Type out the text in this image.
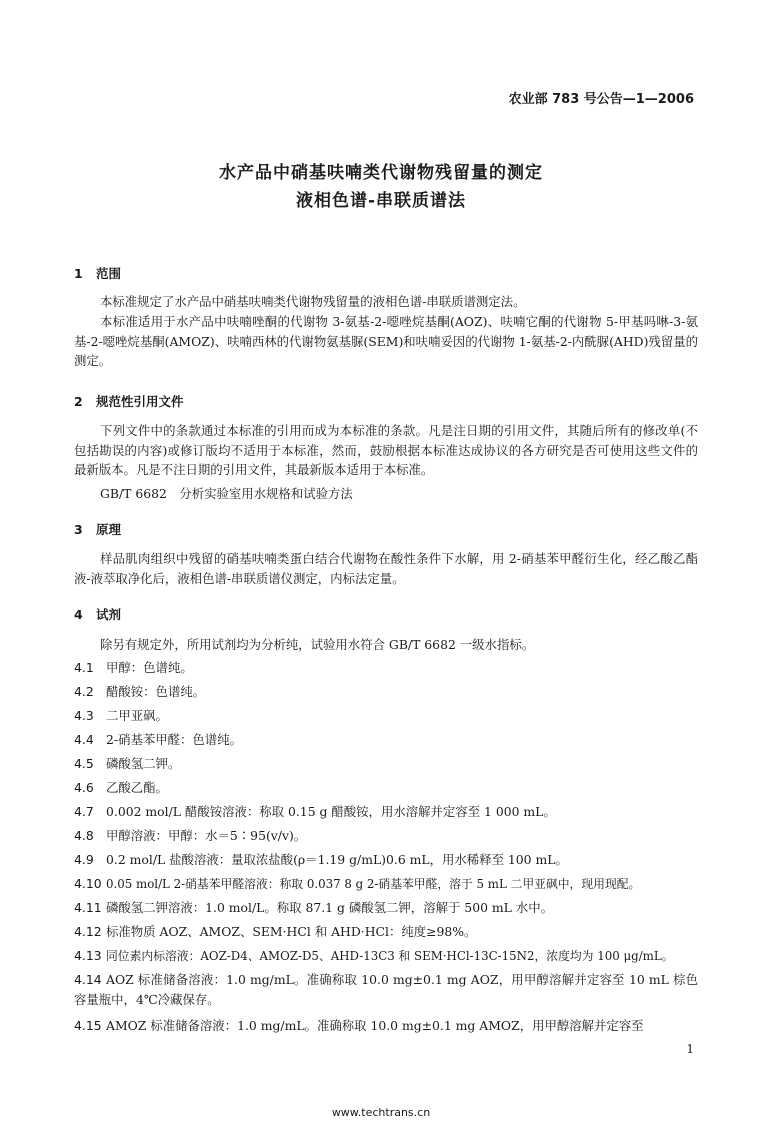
农业部 783 号公告—1—2006
水产品中硝基呋喃类代谢物残留量的测定
液相色谱-串联质谱法
1 范围
本标准规定了水产品中硝基呋喃类代谢物残留量的液相色谱-串联质谱测定法。
本标准适用于水产品中呋喃唑酮的代谢物 3-氨基-2-噁唑烷基酮(AOZ)、呋喃它酮的代谢物 5-甲基吗啉-3-氨基-2-噁唑烷基酮(AMOZ)、呋喃西林的代谢物氨基脲(SEM)和呋喃妥因的代谢物 1-氨基-2-内酰脲(AHD)残留量的测定。
2 规范性引用文件
下列文件中的条款通过本标准的引用而成为本标准的条款。凡是注日期的引用文件，其随后所有的修改单(不包括勘误的内容)或修订版均不适用于本标准，然而，鼓励根据本标准达成协议的各方研究是否可使用这些文件的最新版本。凡是不注日期的引用文件，其最新版本适用于本标准。
GB/T 6682　分析实验室用水规格和试验方法
3 原理
样品肌肉组织中残留的硝基呋喃类蛋白结合代谢物在酸性条件下水解，用 2-硝基苯甲醛衍生化，经乙酸乙酯液-液萃取净化后，液相色谱-串联质谱仪测定，内标法定量。
4 试剂
除另有规定外，所用试剂均为分析纯，试验用水符合 GB/T 6682 一级水指标。
4.1 甲醇：色谱纯。
4.2 醋酸铵：色谱纯。
4.3 二甲亚砜。
4.4 2-硝基苯甲醛：色谱纯。
4.5 磷酸氢二钾。
4.6 乙酸乙酯。
4.7 0.002 mol/L 醋酸铵溶液：称取 0.15 g 醋酸铵，用水溶解并定容至 1 000 mL。
4.8 甲醇溶液：甲醇：水＝5∶95(v/v)。
4.9 0.2 mol/L 盐酸溶液：量取浓盐酸(ρ＝1.19 g/mL)0.6 mL，用水稀释至 100 mL。
4.10 0.05 mol/L 2-硝基苯甲醛溶液：称取 0.037 8 g 2-硝基苯甲醛，溶于 5 mL 二甲亚砜中，现用现配。
4.11 磷酸氢二钾溶液：1.0 mol/L。称取 87.1 g 磷酸氢二钾，溶解于 500 mL 水中。
4.12 标准物质 AOZ、AMOZ、SEM·HCl 和 AHD·HCl：纯度≥98%。
4.13 同位素内标溶液：AOZ-D4、AMOZ-D5、AHD-13C3 和 SEM·HCl-13C-15N2，浓度均为 100 μg/mL。
4.14 AOZ 标准储备溶液：1.0 mg/mL。准确称取 10.0 mg±0.1 mg AOZ，用甲醇溶解并定容至 10 mL 棕色容量瓶中，4℃冷藏保存。
4.15 AMOZ 标准储备溶液：1.0 mg/mL。准确称取 10.0 mg±0.1 mg AMOZ，用甲醇溶解并定容至
1
www.techtrans.cn
